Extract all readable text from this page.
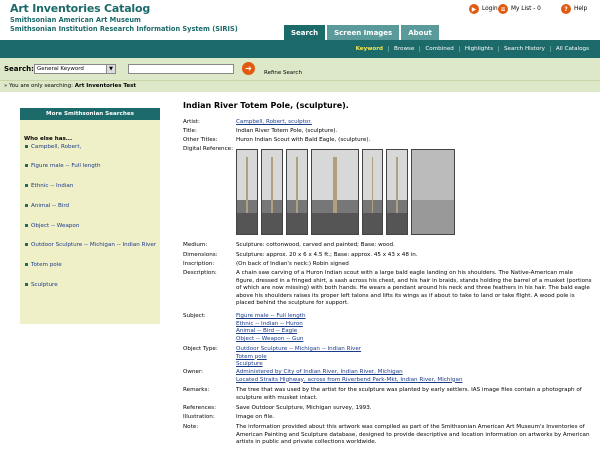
Art Inventories Catalog
Smithsonian American Art Museum
Smithsonian Institution Research Information System (SIRIS)
▶ Login ≡ My List - 0	?	Help
Search	Screen Images	About
Keyword	Browse	Combined	Highlights	Search History	All Catalogs
Search: General Keyword	▼	➜ Refine Search
» You are only searching: Art Inventories Test
More Smithsonian Searches
Who else has...
Campbell, Robert,
Figure male -- Full length
Ethnic -- Indian
Animal -- Bird
Object -- Weapon
Outdoor Sculpture -- Michigan -- Indian River
Totem pole
Sculpture
Indian River Totem Pole, (sculpture).
Artist:	Campbell, Robert, sculptor.
Title:	Indian River Totem Pole, (sculpture).
Other Titles:	Huron Indian Scout with Bald Eagle, (sculpture).
Digital Reference:
Medium:	Sculpture: cottonwood, carved and painted; Base: wood.
Dimensions:	Sculpture: approx. 20 x 6 x 4.5 ft.; Base: approx. 45 x 43 x 48 in.
Inscription:	(On back of Indian's neck:) Robin signed
Description:	A chain saw carving of a Huron Indian scout with a large bald eagle landing on his shoulders. The Native-American male figure, dressed in a fringed shirt, a sash across his chest, and his hair in braids, stands holding the barrel of a musket (portions of which are now missing) with both hands. He wears a pendant around his neck and three feathers in his hair. The bald eagle above his shoulders raises its proper left talons and lifts its wings as if about to take to land or take flight. A wood pole is placed behind the sculpture for support.
Subject:	Figure male -- Full length
Ethnic -- Indian -- Huron
Animal -- Bird -- Eagle
Object -- Weapon -- Gun
Object Type:	Outdoor Sculpture -- Michigan -- Indian River
Totem pole
Sculpture
Owner:	Administered by City of Indian River, Indian River, Michigan
Located Straits Highway, across from Riverbend Park-Mkt, Indian River, Michigan
Remarks:	The tree that was used by the artist for the sculpture was planted by early settlers. IAS image files contain a photograph of sculpture with musket intact.
References:	Save Outdoor Sculpture, Michigan survey, 1993.
Illustration:	Image on file.
Note:	The information provided about this artwork was compiled as part of the Smithsonian American Art Museum's Inventories of American Painting and Sculpture database, designed to provide descriptive and location information on artworks by American artists in public and private collections worldwide.
